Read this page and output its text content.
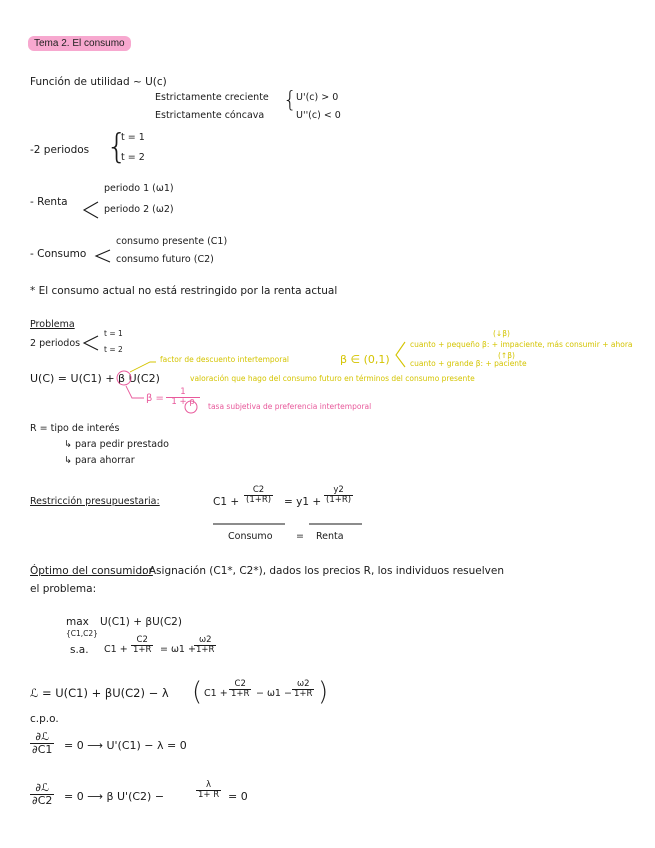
Tema 2. El consumo
Función de utilidad ~ U(c)
Estrictamente creciente
Estrictamente cóncava
{ U'(c) > 0
U''(c) < 0
-2 periodos {
t = 1
t = 2
- Renta
periodo 1 (ω1)
periodo 2 (ω2)
- Consumo
consumo presente (C1)
consumo futuro (C2)
* El consumo actual no está restringido por la renta actual
Problema
2 periodos
t = 1
t = 2
U(C) = U(C1) + β U(C2)
factor de descuento intertemporal	β ∈ (0,1)
(↓β)
cuanto + pequeño β: + impaciente, más consumir + ahora
(↑β)
cuanto + grande β: + paciente
valoración que hago del consumo futuro en términos del consumo presente
β =
1
1 + ρ tasa subjetiva de preferencia intertemporal
R = tipo de interés
↳ para pedir prestado
↳ para ahorrar
Restricción presupuestaria:	C1 +
C2
(1+R) = y1 +
y2
(1+R)
Consumo = Renta
Óptimo del consumidor
: Asignación (C1*, C2*), dados los precios R, los individuos resuelven
el problema:
max
{C1,C2}
U(C1) + βU(C2)
s.a. C1 +
C2
1+R = ω1 +
ω2
1+R
ℒ = U(C1) + βU(C2) − λ ( C1 +
C2
1+R − ω1 −
ω2
1+R )
c.p.o.
∂ℒ
∂C1 = 0 ⟶ U'(C1) − λ = 0
∂ℒ
∂C2 = 0 ⟶ β U'(C2) −
λ
1+ R = 0
